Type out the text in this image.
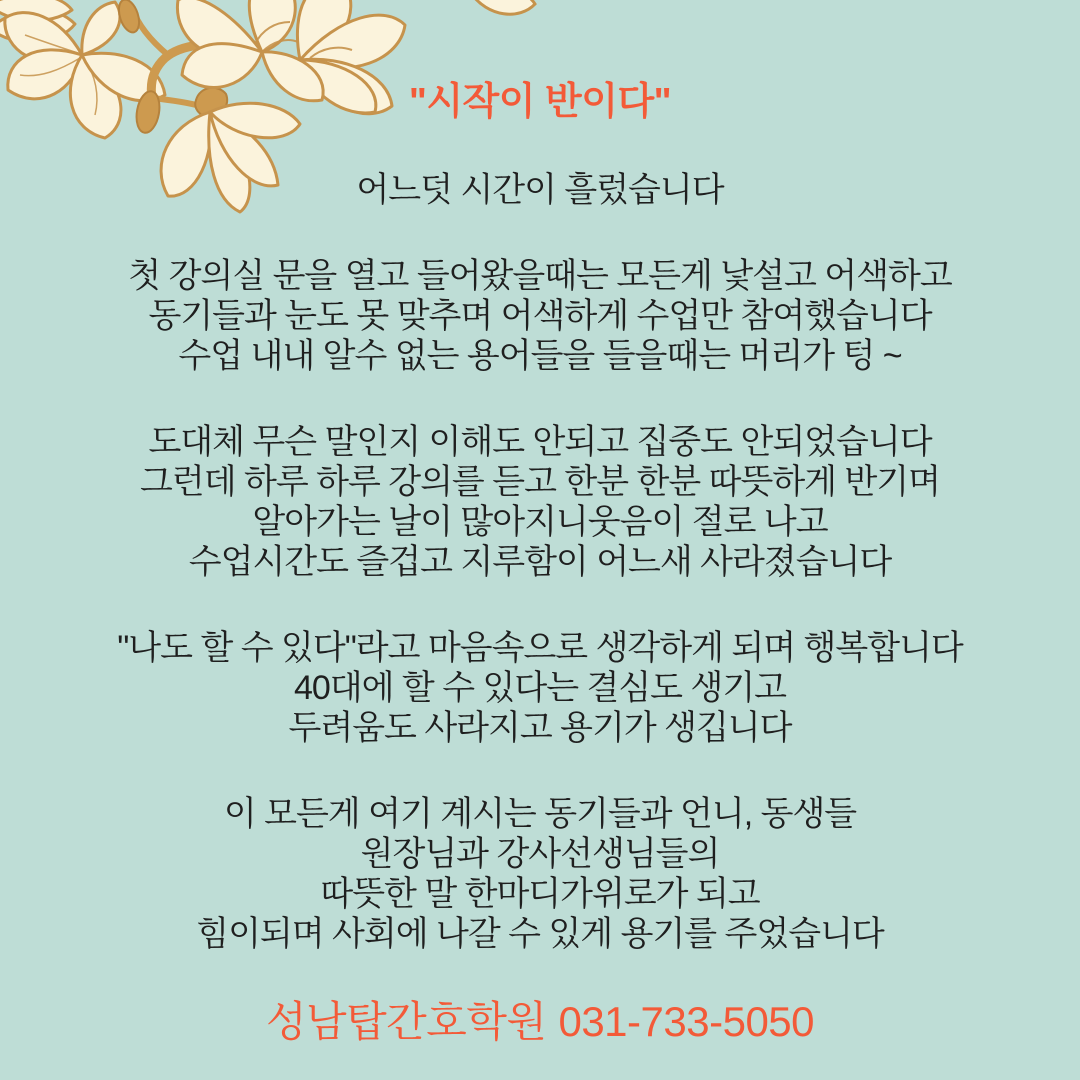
"시작이 반이다"

어느덧 시간이 흘렀습니다

첫 강의실 문을 열고 들어왔을때는 모든게 낯설고 어색하고

동기들과 눈도 못 맞추며 어색하게 수업만 참여했습니다

수업 내내 알수 없는 용어들을 들을때는 머리가 텅 ~

도대체 무슨 말인지 이해도 안되고 집중도 안되었습니다

그런데 하루 하루 강의를 듣고 한분 한분 따뜻하게 반기며

알아가는 날이 많아지니웃음이 절로 나고

수업시간도 즐겁고 지루함이 어느새 사라졌습니다

"나도 할 수 있다"라고 마음속으로 생각하게 되며 행복합니다

40대에 할 수 있다는 결심도 생기고

두려움도 사라지고 용기가 생깁니다

이 모든게 여기 계시는 동기들과 언니, 동생들

원장님과 강사선생님들의

따뜻한 말 한마디가위로가 되고

힘이되며 사회에 나갈 수 있게 용기를 주었습니다

성남탑간호학원 031-733-5050
